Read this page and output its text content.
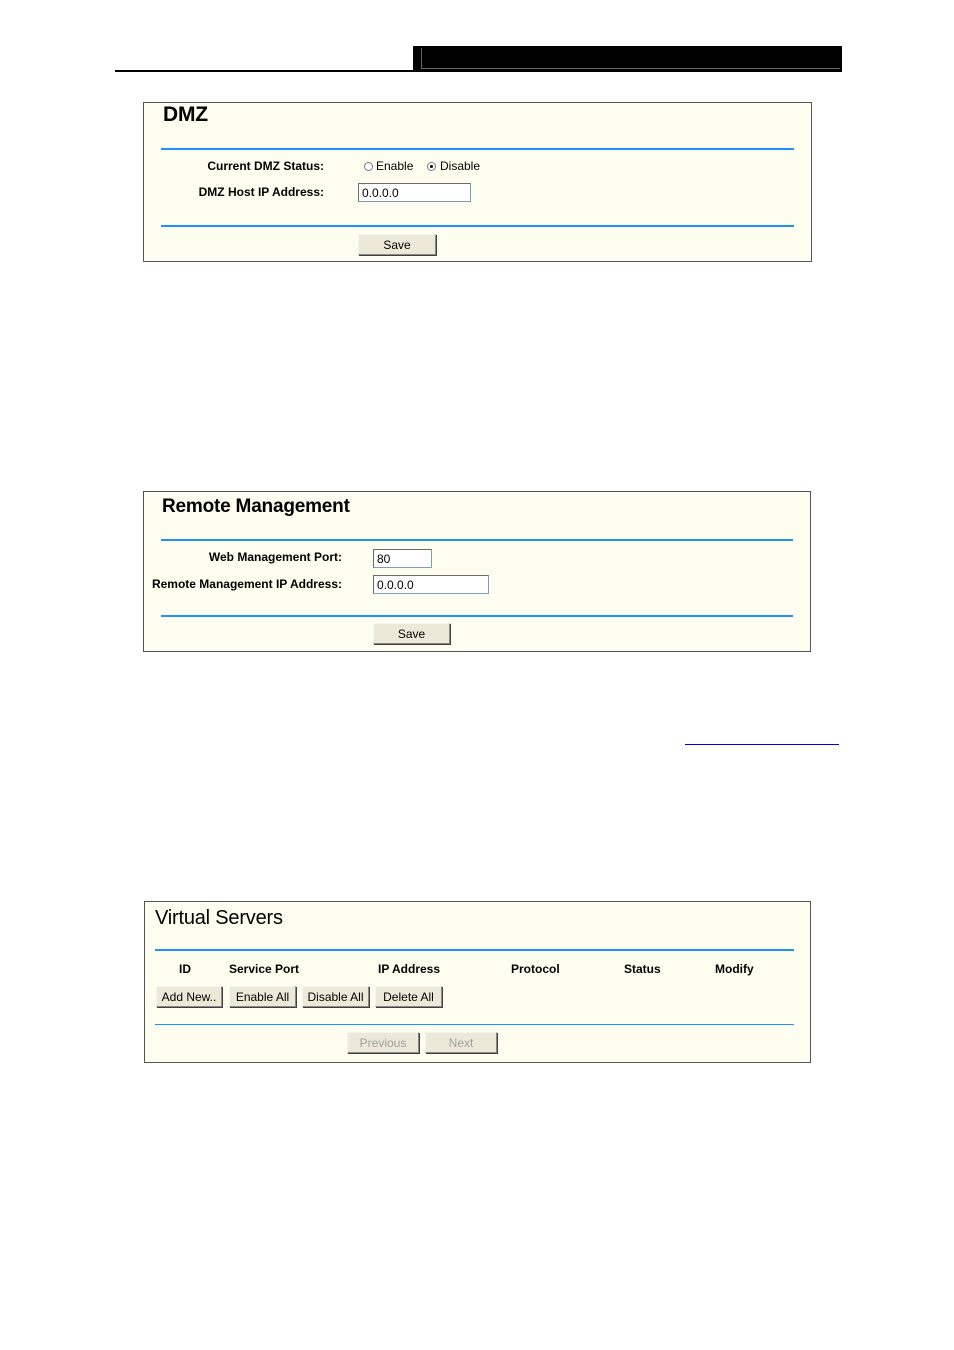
DMZ
Current DMZ Status:	Enable Disable
DMZ Host IP Address:
0.0.0.0
Save
Remote Management
Web Management Port:
80
Remote Management IP Address:
0.0.0.0
Save
Virtual Servers
ID	Service Port	IP Address	Protocol	Status	Modify
Add New..	Enable All	Disable All	Delete All
Previous	Next
